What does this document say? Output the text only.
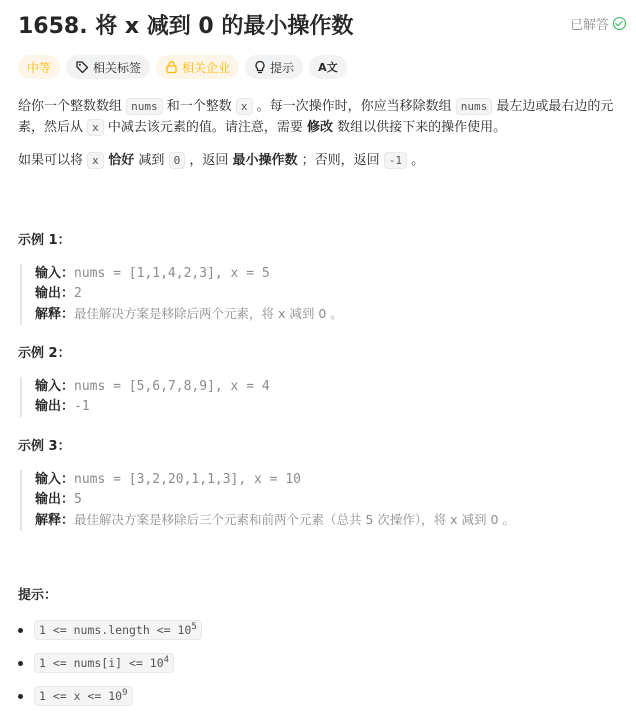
1658. 将 x 减到 0 的最小操作数	已解答
中等	相关标签	相关企业	提示 A文

给你一个整数数组 nums 和一个整数 x 。每一次操作时，你应当移除数组 nums 最左边或最右边的元素，然后从 x 中减去该元素的值。请注意，需要 修改 数组以供接下来的操作使用。

如果可以将 x 恰好 减到 0 ，返回 最小操作数 ；否则，返回 -1 。

示例 1：
输入：nums = [1,1,4,2,3], x = 5
输出：2
解释：最佳解决方案是移除后两个元素，将 x 减到 0 。
示例 2：
输入：nums = [5,6,7,8,9], x = 4
输出：-1
示例 3：
输入：nums = [3,2,20,1,1,3], x = 10
输出：5
解释：最佳解决方案是移除后三个元素和前两个元素（总共 5 次操作），将 x 减到 0 。
提示：
1 <= nums.length <= $10^5$
1 <= nums[i] <= $10^4$
$1 <= x <= 10^9$
